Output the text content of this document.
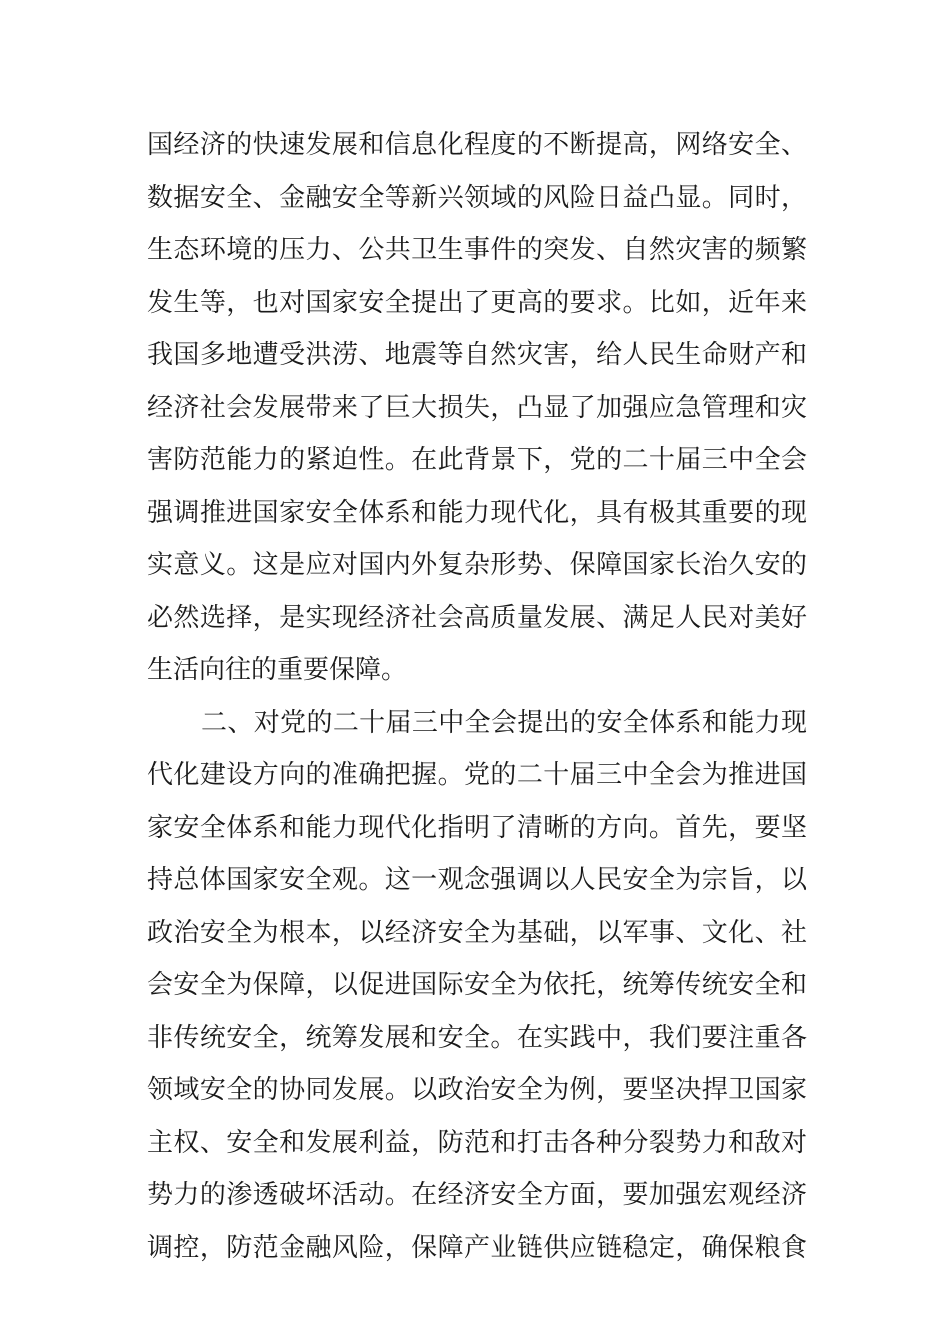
国经济的快速发展和信息化程度的不断提高，网络安全、
数据安全、金融安全等新兴领域的风险日益凸显。同时，
生态环境的压力、公共卫生事件的突发、自然灾害的频繁
发生等，也对国家安全提出了更高的要求。比如，近年来
我国多地遭受洪涝、地震等自然灾害，给人民生命财产和
经济社会发展带来了巨大损失，凸显了加强应急管理和灾
害防范能力的紧迫性。在此背景下，党的二十届三中全会
强调推进国家安全体系和能力现代化，具有极其重要的现
实意义。这是应对国内外复杂形势、保障国家长治久安的
必然选择，是实现经济社会高质量发展、满足人民对美好
生活向往的重要保障。
二、对党的二十届三中全会提出的安全体系和能力现
代化建设方向的准确把握。党的二十届三中全会为推进国
家安全体系和能力现代化指明了清晰的方向。首先，要坚
持总体国家安全观。这一观念强调以人民安全为宗旨，以
政治安全为根本，以经济安全为基础，以军事、文化、社
会安全为保障，以促进国际安全为依托，统筹传统安全和
非传统安全，统筹发展和安全。在实践中，我们要注重各
领域安全的协同发展。以政治安全为例，要坚决捍卫国家
主权、安全和发展利益，防范和打击各种分裂势力和敌对
势力的渗透破坏活动。在经济安全方面，要加强宏观经济
调控，防范金融风险，保障产业链供应链稳定，确保粮食
